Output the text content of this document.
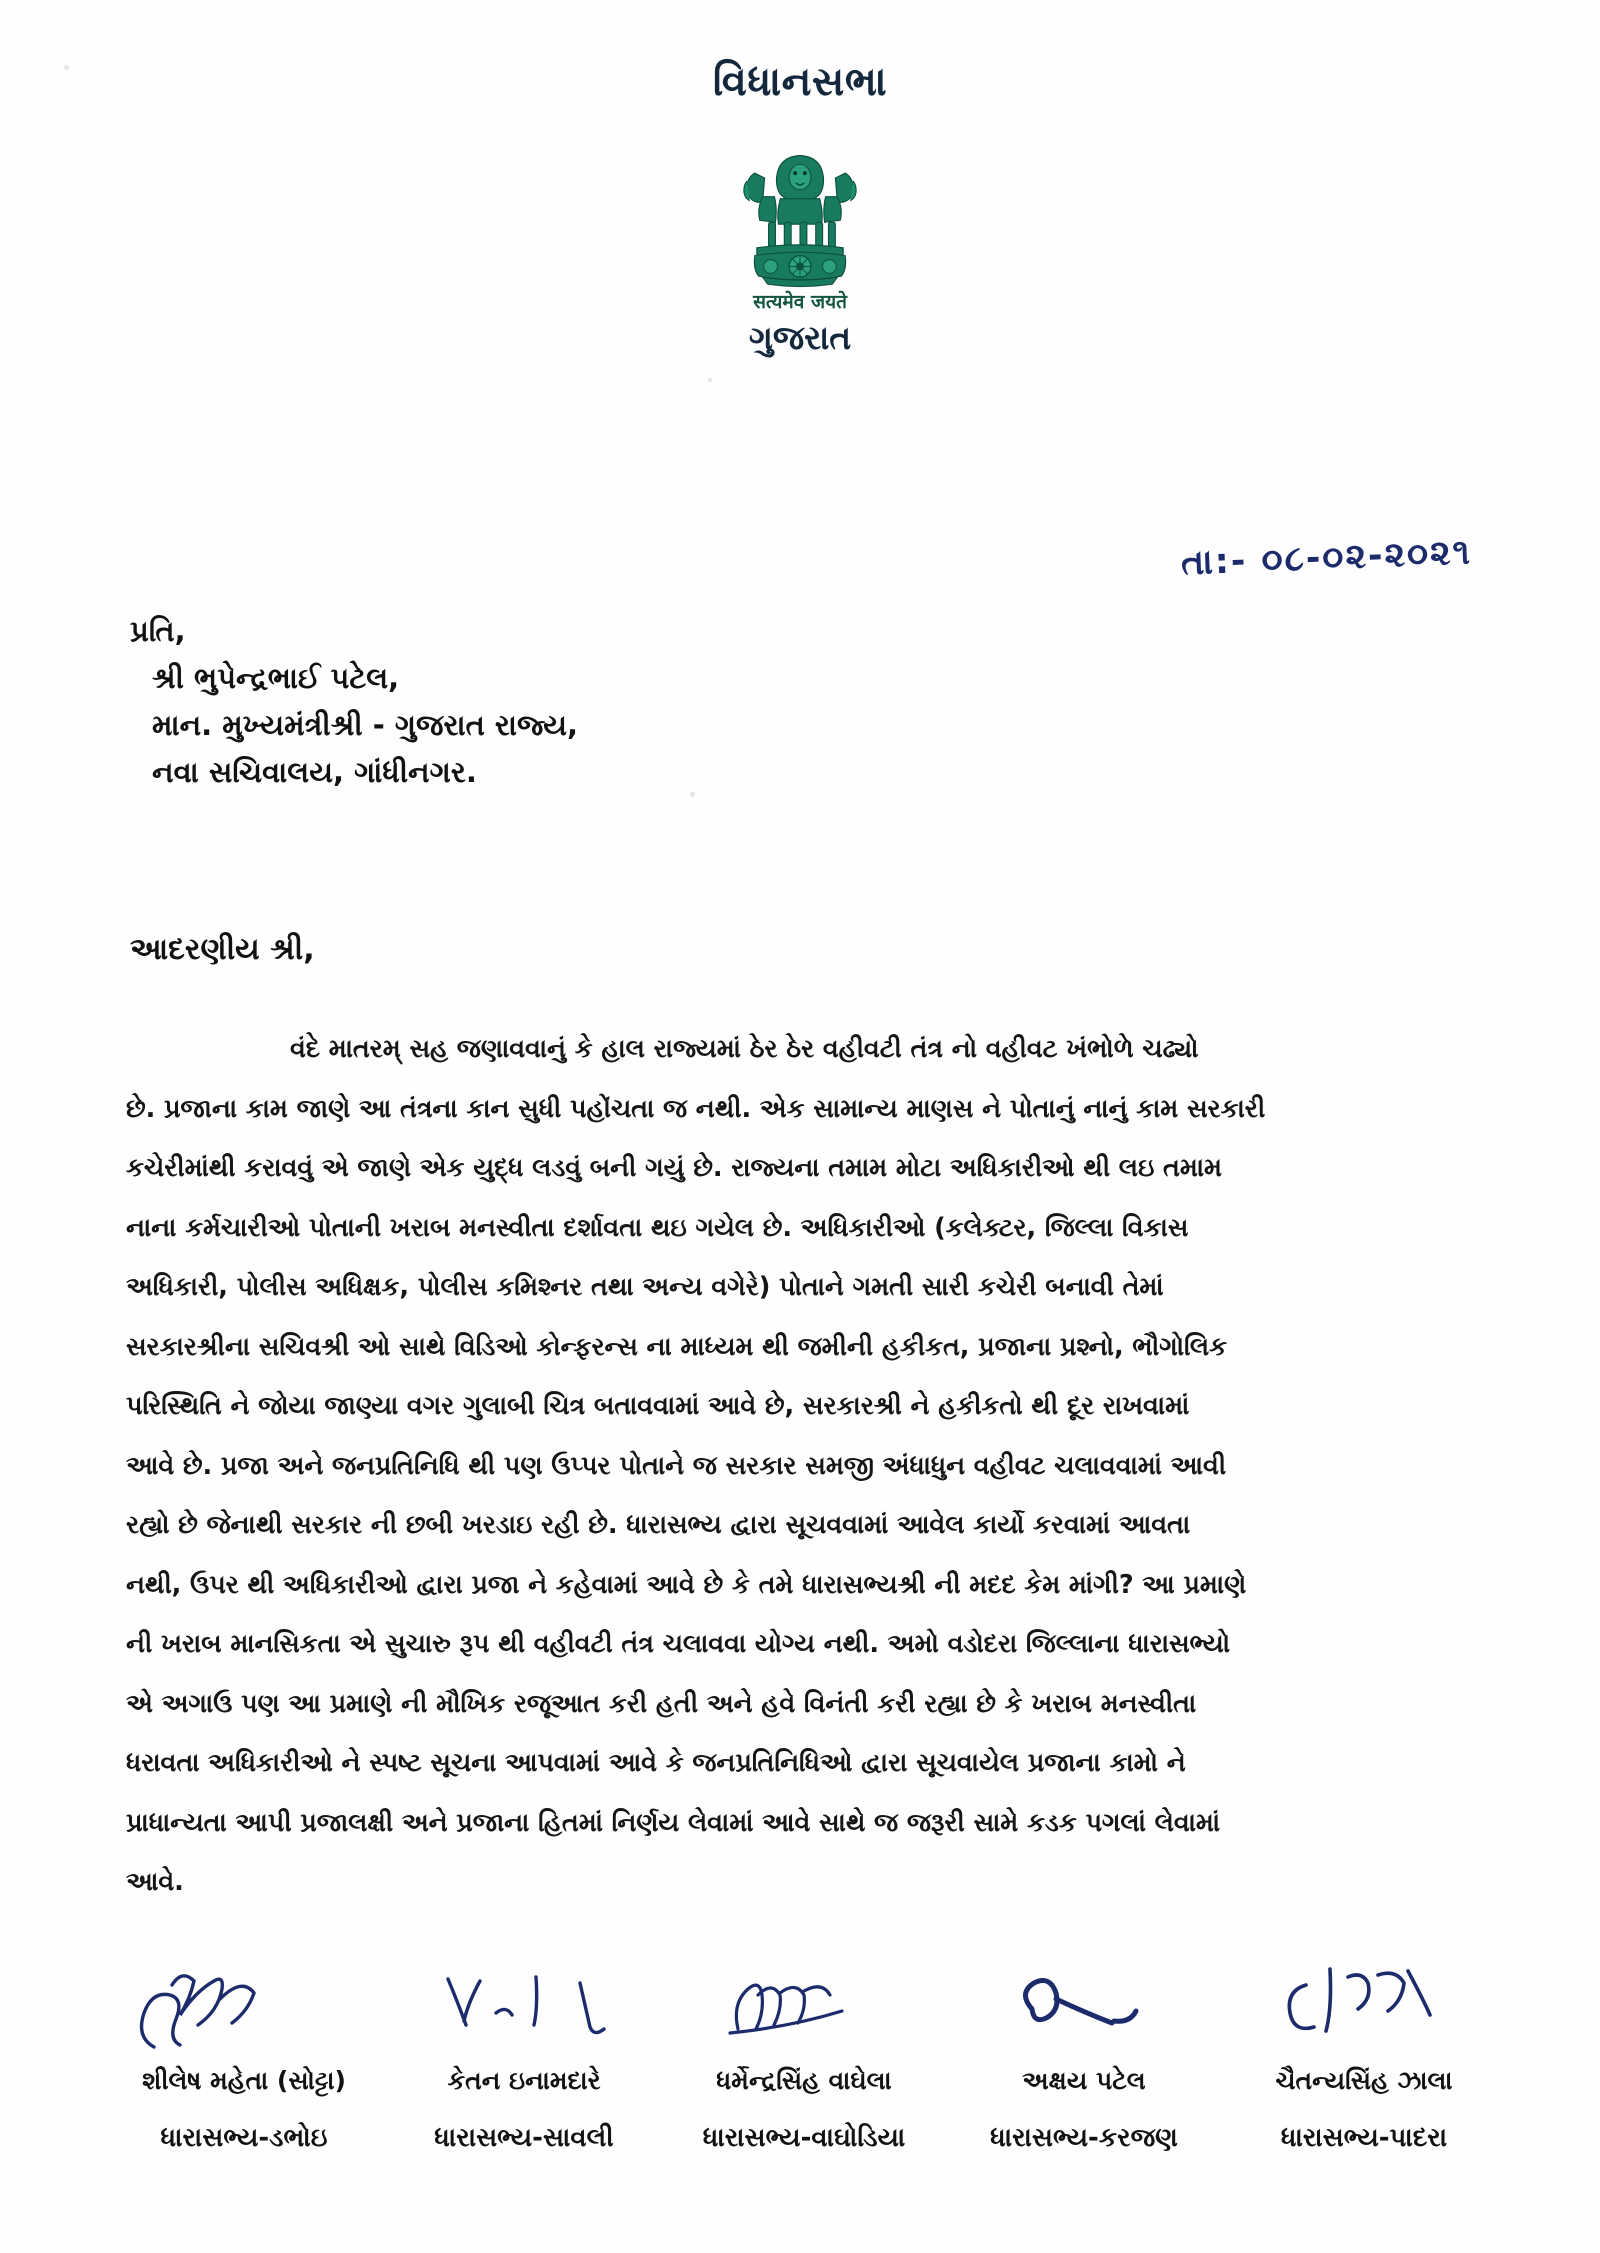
વિધાનસભા
सत्यमेव जयते
ગુજરાત
તા:- ૦૮-૦૨-૨૦૨૧
પ્રતિ,
શ્રી ભુપેન્દ્રભાઈ પટેલ,
માન. મુખ્યમંત્રીશ્રી - ગુજરાત રાજ્ય,
નવા સચિવાલય, ગાંધીનગર.
આદરણીય શ્રી,
વંદે માતરમ્ સહ જણાવવાનું કે હાલ રાજ્યમાં ઠેર ઠેર વહીવટી તંત્ર નો વહીવટ ખંભોળે ચઢ્યો
છે. પ્રજાના કામ જાણે આ તંત્રના કાન સુધી પહોંચતા જ નથી. એક સામાન્ય માણસ ને પોતાનું નાનું કામ સરકારી
કચેરીમાંથી કરાવવું એ જાણે એક યુદ્ધ લડવું બની ગયું છે. રાજ્યના તમામ મોટા અધિકારીઓ થી લઇ તમામ
નાના કર્મચારીઓ પોતાની ખરાબ મનસ્વીતા દર્શાવતા થઇ ગયેલ છે. અધિકારીઓ (કલેક્ટર, જિલ્લા વિકાસ
અધિકારી, પોલીસ અધિક્ષક, પોલીસ કમિશ્નર તથા અન્ય વગેરે) પોતાને ગમતી સારી કચેરી બનાવી તેમાં
સરકારશ્રીના સચિવશ્રી ઓ સાથે વિડિઓ કોન્ફરન્સ ના માધ્યમ થી જમીની હકીકત, પ્રજાના પ્રશ્નો, ભૌગોલિક
પરિસ્થિતિ ને જોયા જાણ્યા વગર ગુલાબી ચિત્ર બતાવવામાં આવે છે, સરકારશ્રી ને હકીકતો થી દૂર રાખવામાં
આવે છે. પ્રજા અને જનપ્રતિનિધિ થી પણ ઉપ્પર પોતાને જ સરકાર સમજી અંધાધુન વહીવટ ચલાવવામાં આવી
રહ્યો છે જેનાથી સરકાર ની છબી ખરડાઇ રહી છે. ધારાસભ્ય દ્વારા સૂચવવામાં આવેલ કાર્યો કરવામાં આવતા
નથી, ઉપર થી અધિકારીઓ દ્વારા પ્રજા ને કહેવામાં આવે છે કે તમે ધારાસભ્યશ્રી ની મદદ કેમ માંગી? આ પ્રમાણે
ની ખરાબ માનસિકતા એ સુચારુ રૂપ થી વહીવટી તંત્ર ચલાવવા યોગ્ય નથી. અમો વડોદરા જિલ્લાના ધારાસભ્યો
એ અગાઉ પણ આ પ્રમાણે ની મૌખિક રજૂઆત કરી હતી અને હવે વિનંતી કરી રહ્યા છે કે ખરાબ મનસ્વીતા
ધરાવતા અધિકારીઓ ને સ્પષ્ટ સૂચના આપવામાં આવે કે જનપ્રતિનિધિઓ દ્વારા સૂચવાયેલ પ્રજાના કામો ને
પ્રાધાન્યતા આપી પ્રજાલક્ષી અને પ્રજાના હિતમાં નિર્ણય લેવામાં આવે સાથે જ જરૂરી સામે કડક પગલાં લેવામાં
આવે.
શીલેષ મહેતા (સોટ્ટા)
ધારાસભ્ય-ડભોઇ
કેતન ઇનામદારે
ધારાસભ્ય-સાવલી
ધર્મેન્દ્રસિંહ વાઘેલા
ધારાસભ્ય-વાઘોડિયા
અક્ષય પટેલ
ધારાસભ્ય-કરજણ
ચૈતન્યસિંહ ઝાલા
ધારાસભ્ય-પાદરા
